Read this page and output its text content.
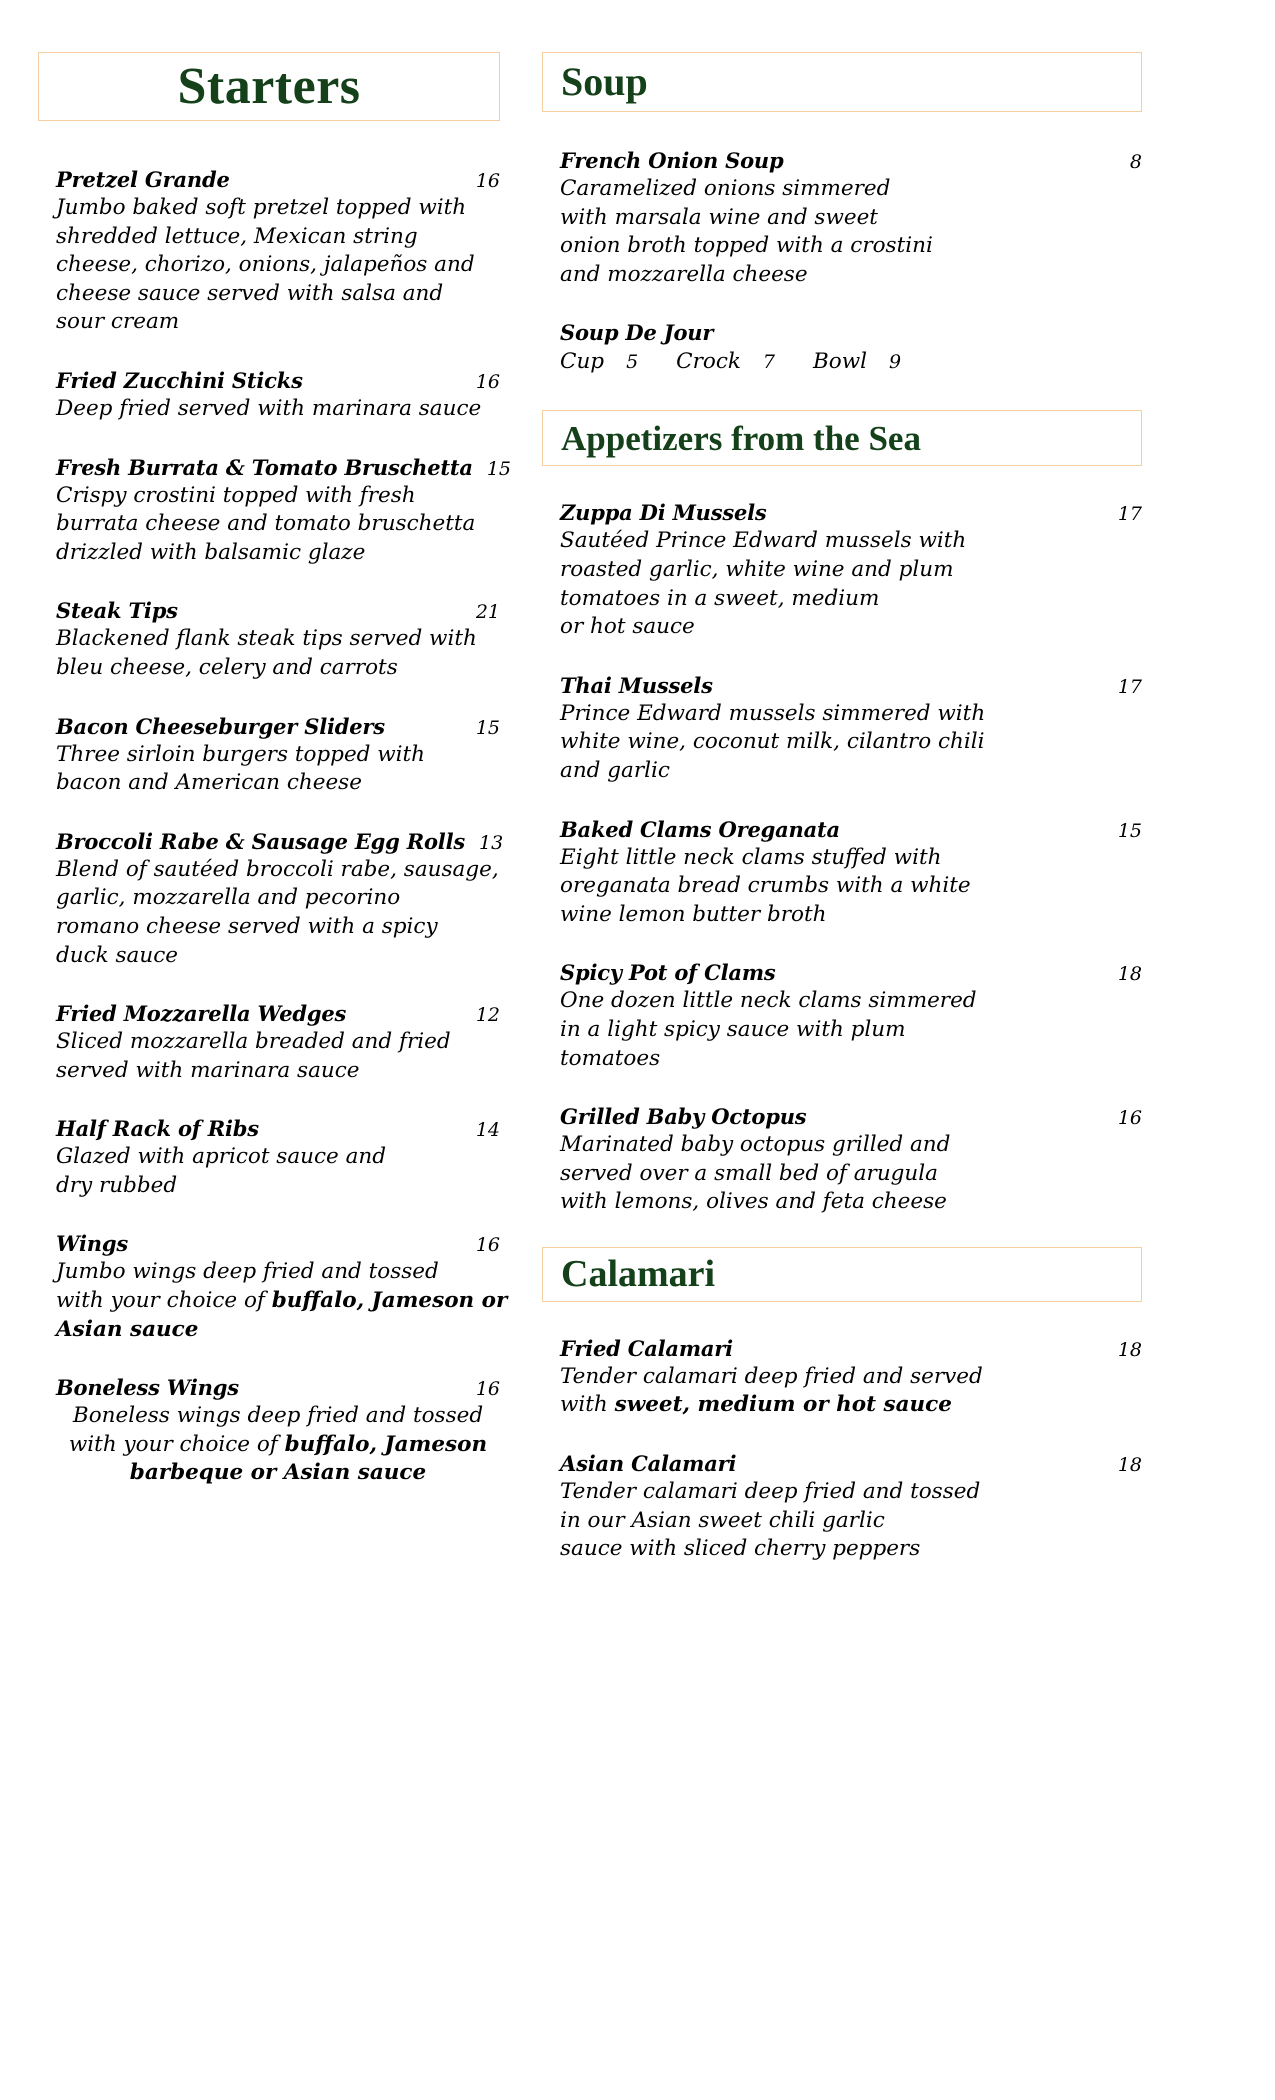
Starters
Pretzel Grande	16
Jumbo baked soft pretzel topped with
shredded lettuce, Mexican string
cheese, chorizo, onions, jalapeños and
cheese sauce served with salsa and
sour cream
Fried Zucchini Sticks	16
Deep fried served with marinara sauce
Fresh Burrata & Tomato Bruschetta 15
Crispy crostini topped with fresh
burrata cheese and tomato bruschetta
drizzled with balsamic glaze
Steak Tips	21
Blackened flank steak tips served with
bleu cheese, celery and carrots
Bacon Cheeseburger Sliders	15
Three sirloin burgers topped with
bacon and American cheese
Broccoli Rabe & Sausage Egg Rolls 13
Blend of sautéed broccoli rabe, sausage,
garlic, mozzarella and pecorino
romano cheese served with a spicy
duck sauce
Fried Mozzarella Wedges	12
Sliced mozzarella breaded and fried
served with marinara sauce
Half Rack of Ribs	14
Glazed with apricot sauce and
dry rubbed
Wings	16
Jumbo wings deep fried and tossed
with your choice of buffalo, Jameson or
Asian sauce
Boneless Wings	16
Boneless wings deep fried and tossed
with your choice of buffalo, Jameson
barbeque or Asian sauce
Soup
French Onion Soup	8
Caramelized onions simmered
with marsala wine and sweet
onion broth topped with a crostini
and mozzarella cheese
Soup De Jour
Cup 5 Crock 7 Bowl 9
Appetizers from the Sea
Zuppa Di Mussels	17
Sautéed Prince Edward mussels with
roasted garlic, white wine and plum
tomatoes in a sweet, medium
or hot sauce
Thai Mussels	17
Prince Edward mussels simmered with
white wine, coconut milk, cilantro chili
and garlic
Baked Clams Oreganata	15
Eight little neck clams stuffed with
oreganata bread crumbs with a white
wine lemon butter broth
Spicy Pot of Clams	18
One dozen little neck clams simmered
in a light spicy sauce with plum
tomatoes
Grilled Baby Octopus	16
Marinated baby octopus grilled and
served over a small bed of arugula
with lemons, olives and feta cheese
Calamari
Fried Calamari	18
Tender calamari deep fried and served
with sweet, medium or hot sauce
Asian Calamari	18
Tender calamari deep fried and tossed
in our Asian sweet chili garlic
sauce with sliced cherry peppers
